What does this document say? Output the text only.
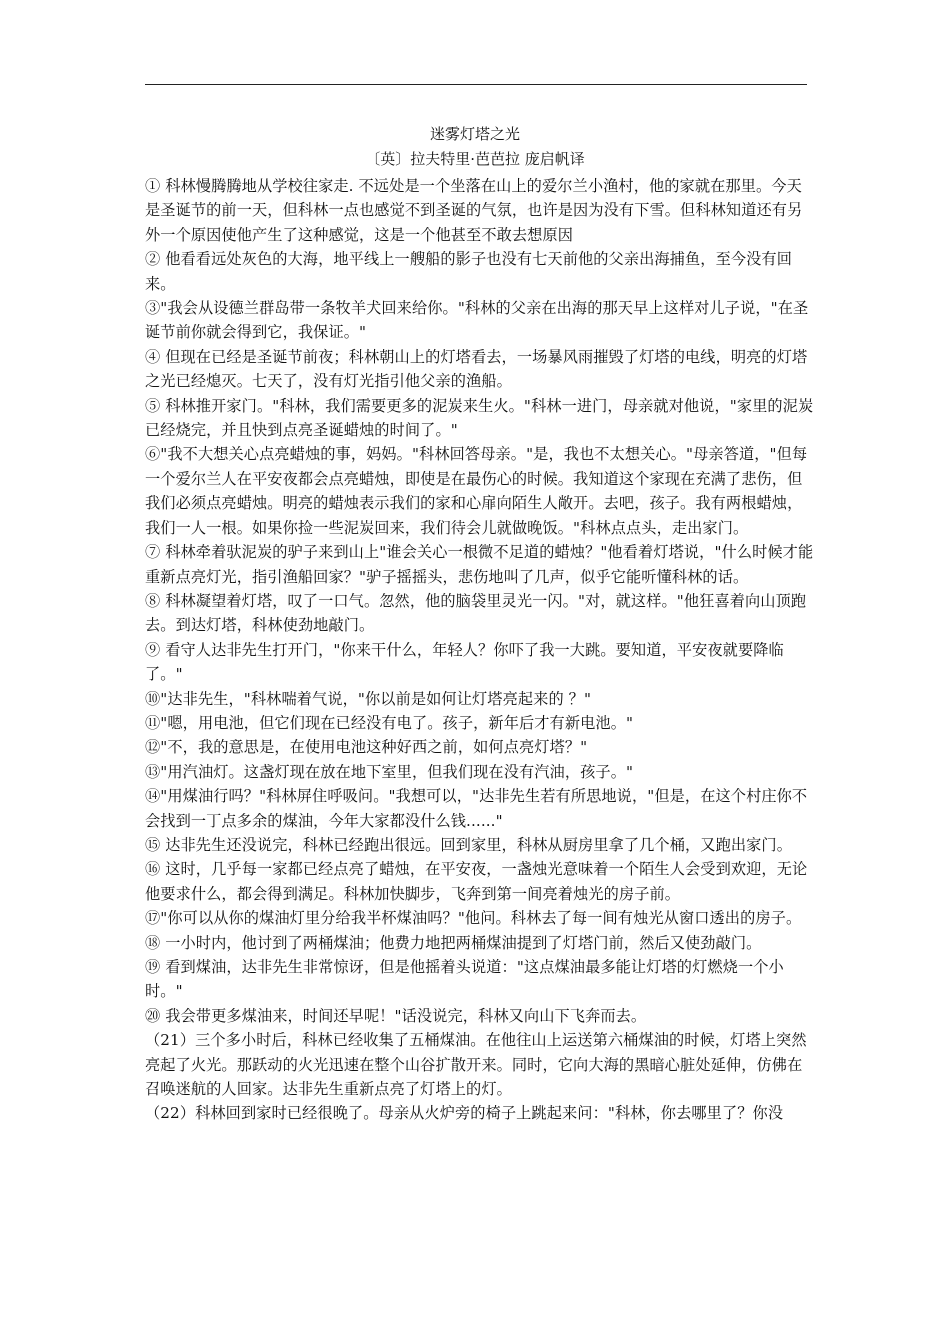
迷雾灯塔之光
〔英〕拉夫特里·芭芭拉 庞启帆译

① 科林慢腾腾地从学校往家走. 不远处是一个坐落在山上的爱尔兰小渔村，他的家就在那里。今天是圣诞节的前一天，但科林一点也感觉不到圣诞的气氛，也许是因为没有下雪。但科林知道还有另外一个原因使他产生了这种感觉，这是一个他甚至不敢去想原因

② 他看看远处灰色的大海，地平线上一艘船的影子也没有七天前他的父亲出海捕鱼，至今没有回来。

③"我会从设德兰群岛带一条牧羊犬回来给你。"科林的父亲在出海的那天早上这样对儿子说，"在圣诞节前你就会得到它，我保证。"

④ 但现在已经是圣诞节前夜；科林朝山上的灯塔看去，一场暴风雨摧毁了灯塔的电线，明亮的灯塔之光已经熄灭。七天了，没有灯光指引他父亲的渔船。

⑤ 科林推开家门。"科林，我们需要更多的泥炭来生火。"科林一进门，母亲就对他说，"家里的泥炭已经烧完，并且快到点亮圣诞蜡烛的时间了。"

⑥"我不大想关心点亮蜡烛的事，妈妈。"科林回答母亲。"是，我也不太想关心。"母亲答道，"但每一个爱尔兰人在平安夜都会点亮蜡烛，即使是在最伤心的时候。我知道这个家现在充满了悲伤，但我们必须点亮蜡烛。明亮的蜡烛表示我们的家和心扉向陌生人敞开。去吧，孩子。我有两根蜡烛，我们一人一根。如果你捡一些泥炭回来，我们待会儿就做晚饭。"科林点点头，走出家门。

⑦ 科林牵着驮泥炭的驴子来到山上"谁会关心一根微不足道的蜡烛？"他看着灯塔说，"什么时候才能重新点亮灯光，指引渔船回家？"驴子摇摇头，悲伤地叫了几声，似乎它能听懂科林的话。

⑧ 科林凝望着灯塔，叹了一口气。忽然，他的脑袋里灵光一闪。"对，就这样。"他狂喜着向山顶跑去。到达灯塔，科林使劲地敲门。

⑨ 看守人达非先生打开门，"你来干什么，年轻人？你吓了我一大跳。要知道，平安夜就要降临了。"

⑩"达非先生，"科林喘着气说，"你以前是如何让灯塔亮起来的 ？"

⑪"嗯，用电池，但它们现在已经没有电了。孩子，新年后才有新电池。"

⑫"不，我的意思是，在使用电池这种好西之前，如何点亮灯塔？"

⑬"用汽油灯。这盏灯现在放在地下室里，但我们现在没有汽油，孩子。"

⑭"用煤油行吗？"科林屏住呼吸问。"我想可以，"达非先生若有所思地说，"但是，在这个村庄你不会找到一丁点多余的煤油，今年大家都没什么钱......"

⑮ 达非先生还没说完，科林已经跑出很远。回到家里，科林从厨房里拿了几个桶，又跑出家门。

⑯ 这时，几乎每一家都已经点亮了蜡烛，在平安夜，一盏烛光意味着一个陌生人会受到欢迎，无论他要求什么，都会得到满足。科林加快脚步，飞奔到第一间亮着烛光的房子前。

⑰"你可以从你的煤油灯里分给我半杯煤油吗？"他问。科林去了每一间有烛光从窗口透出的房子。

⑱ 一小时内，他讨到了两桶煤油；他费力地把两桶煤油提到了灯塔门前，然后又使劲敲门。

⑲ 看到煤油，达非先生非常惊讶，但是他摇着头说道："这点煤油最多能让灯塔的灯燃烧一个小时。"

⑳ 我会带更多煤油来，时间还早呢！"话没说完，科林又向山下飞奔而去。

（21）三个多小时后，科林已经收集了五桶煤油。在他往山上运送第六桶煤油的时候，灯塔上突然亮起了火光。那跃动的火光迅速在整个山谷扩散开来。同时，它向大海的黑暗心脏处延伸，仿佛在召唤迷航的人回家。达非先生重新点亮了灯塔上的灯。

（22）科林回到家时已经很晚了。母亲从火炉旁的椅子上跳起来问："科林，你去哪里了？你没
